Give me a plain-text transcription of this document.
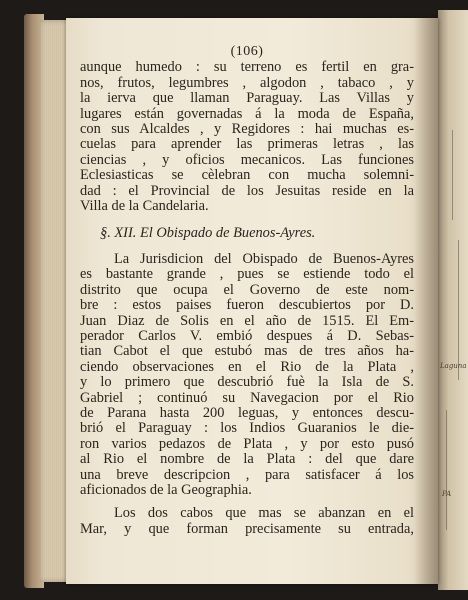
Laguna
PA
(106)
aunque humedo : su terreno es fertil en gra-
nos, frutos, legumbres , algodon , tabaco , y
la ierva que llaman Paraguay. Las Villas y
lugares están governadas á la moda de España,
con sus Alcaldes , y Regidores : hai muchas es-
cuelas para aprender las primeras letras , las
ciencias , y oficios mecanicos. Las funciones
Eclesiasticas se cèlebran con mucha solemni-
dad : el Provincial de los Jesuitas reside en la
Villa de la Candelaria.
§. XII. El Obispado de Buenos-Ayres.
La Jurisdicion del Obispado de Buenos-Ayres
es bastante grande , pues se estiende todo el
distrito que ocupa el Governo de este nom-
bre : estos paises fueron descubiertos por D.
Juan Diaz de Solis en el año de 1515. El Em-
perador Carlos V. embió despues á D. Sebas-
tian Cabot el que estubó mas de tres años ha-
ciendo observaciones en el Rio de la Plata ,
y lo primero que descubrió fuè la Isla de S.
Gabriel ; continuó su Navegacion por el Rio
de Parana hasta 200 leguas, y entonces descu-
brió el Paraguay : los Indios Guaranios le die-
ron varios pedazos de Plata , y por esto pusó
al Rio el nombre de la Plata : del que dare
una breve descripcion , para satisfacer á los
aficionados de la Geographia.
Los dos cabos que mas se abanzan en el
Mar, y que forman precisamente su entrada,
